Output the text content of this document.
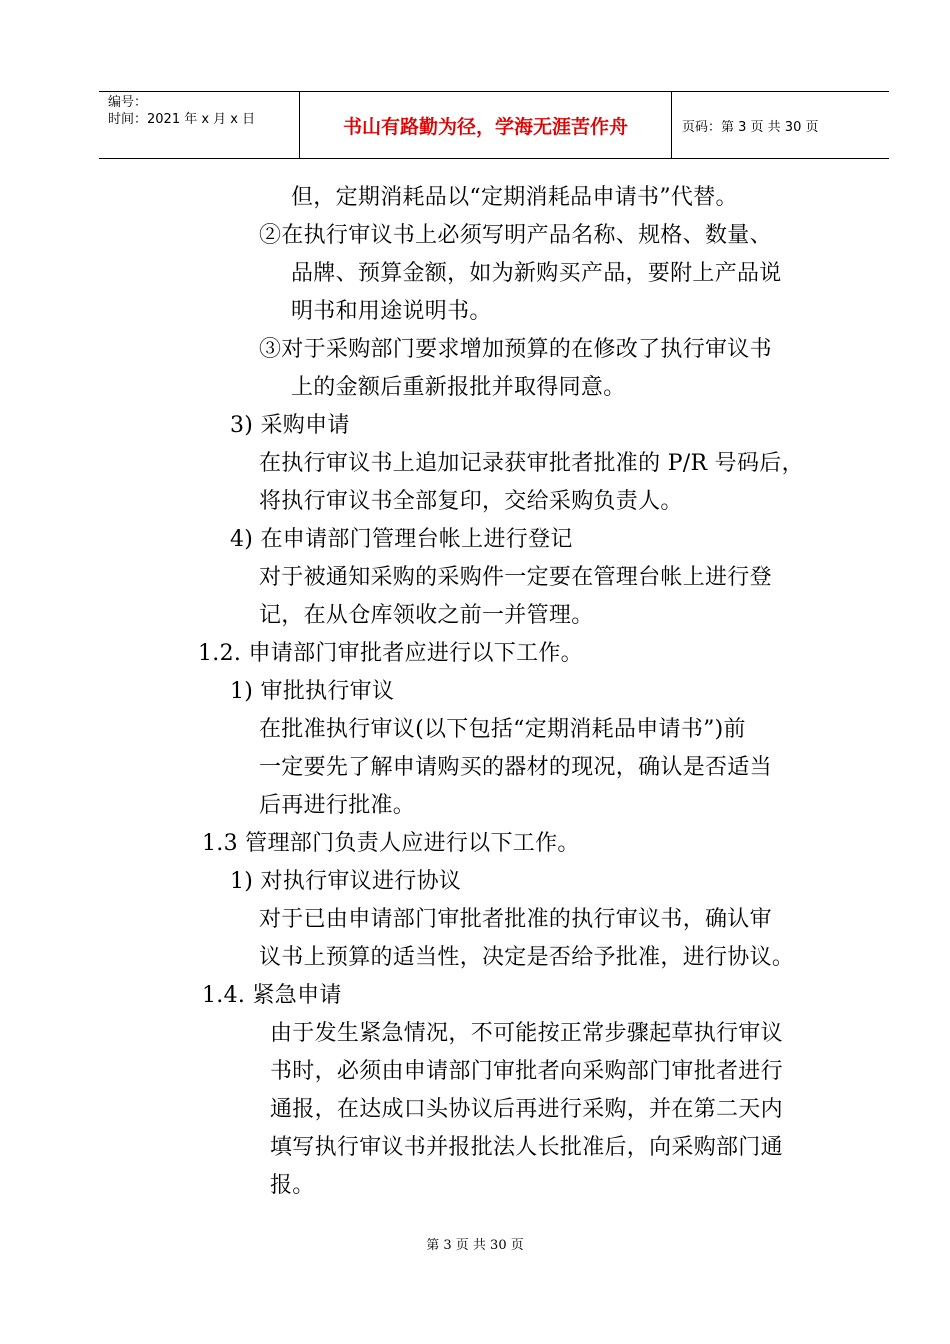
编号：
时间：2021 年 x 月 x 日	书山有路勤为径，学海无涯苦作舟	页码：第 3 页 共 30 页
但，定期消耗品以“定期消耗品申请书”代替。
②在执行审议书上必须写明产品名称、规格、数量、
品牌、预算金额，如为新购买产品，要附上产品说
明书和用途说明书。
③对于采购部门要求增加预算的在修改了执行审议书
上的金额后重新报批并取得同意。
3) 采购申请
在执行审议书上追加记录获审批者批准的 P/R 号码后，
将执行审议书全部复印，交给采购负责人。
4) 在申请部门管理台帐上进行登记
对于被通知采购的采购件一定要在管理台帐上进行登
记，在从仓库领收之前一并管理。
1.2. 申请部门审批者应进行以下工作。
1) 审批执行审议
在批准执行审议(以下包括“定期消耗品申请书”)前
一定要先了解申请购买的器材的现况，确认是否适当
后再进行批准。
1.3 管理部门负责人应进行以下工作。
1) 对执行审议进行协议
对于已由申请部门审批者批准的执行审议书，确认审
议书上预算的适当性，决定是否给予批准，进行协议。
1.4. 紧急申请
由于发生紧急情况，不可能按正常步骤起草执行审议
书时，必须由申请部门审批者向采购部门审批者进行
通报，在达成口头协议后再进行采购，并在第二天内
填写执行审议书并报批法人长批准后，向采购部门通
报。
第 3 页 共 30 页
